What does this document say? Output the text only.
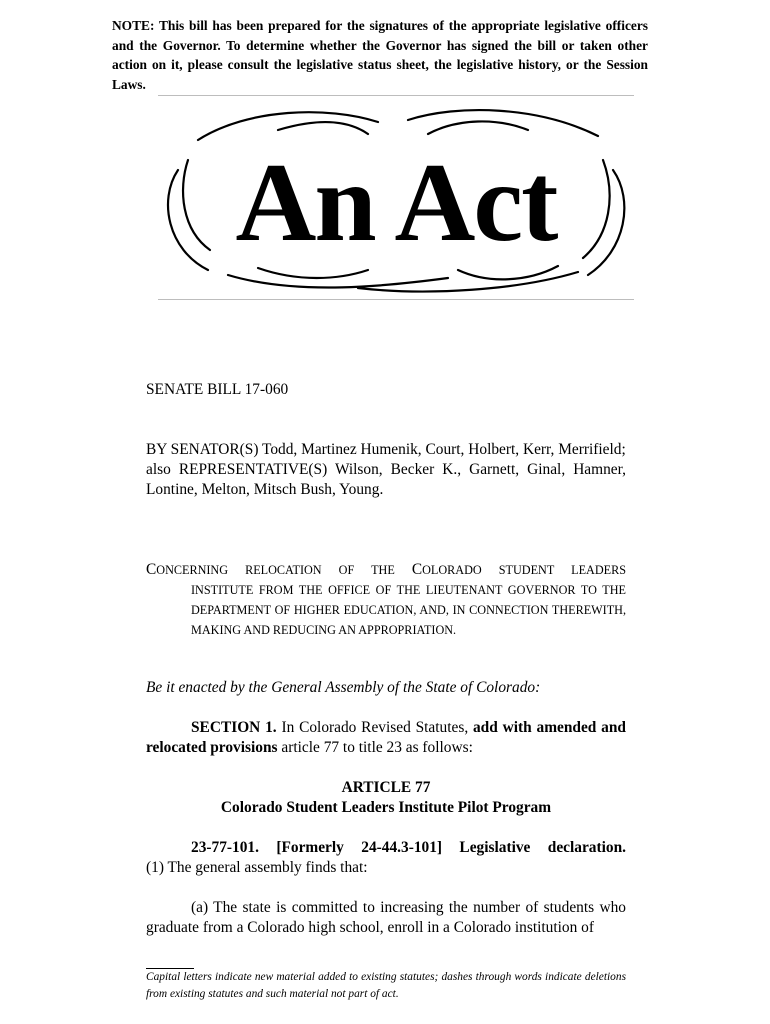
NOTE: This bill has been prepared for the signatures of the appropriate legislative officers and the Governor. To determine whether the Governor has signed the bill or taken other action on it, please consult the legislative status sheet, the legislative history, or the Session Laws.
An Act
SENATE BILL 17-060

BY SENATOR(S) Todd, Martinez Humenik, Court, Holbert, Kerr, Merrifield;

also REPRESENTATIVE(S) Wilson, Becker K., Garnett, Ginal, Hamner, Lontine, Melton, Mitsch Bush, Young.

CONCERNING RELOCATION OF THE COLORADO STUDENT LEADERS
INSTITUTE FROM THE OFFICE OF THE LIEUTENANT GOVERNOR TO THE DEPARTMENT OF HIGHER EDUCATION, AND, IN CONNECTION THEREWITH, MAKING AND REDUCING AN APPROPRIATION.
Be it enacted by the General Assembly of the State of Colorado:
SECTION 1. In Colorado Revised Statutes, add with amended and relocated provisions article 77 to title 23 as follows:
ARTICLE 77
Colorado Student Leaders Institute Pilot Program
23-77-101. [Formerly 24-44.3-101] Legislative declaration.
(1) The general assembly finds that:
(a) The state is committed to increasing the number of students who graduate from a Colorado high school, enroll in a Colorado institution of
Capital letters indicate new material added to existing statutes; dashes through words indicate deletions from existing statutes and such material not part of act.
